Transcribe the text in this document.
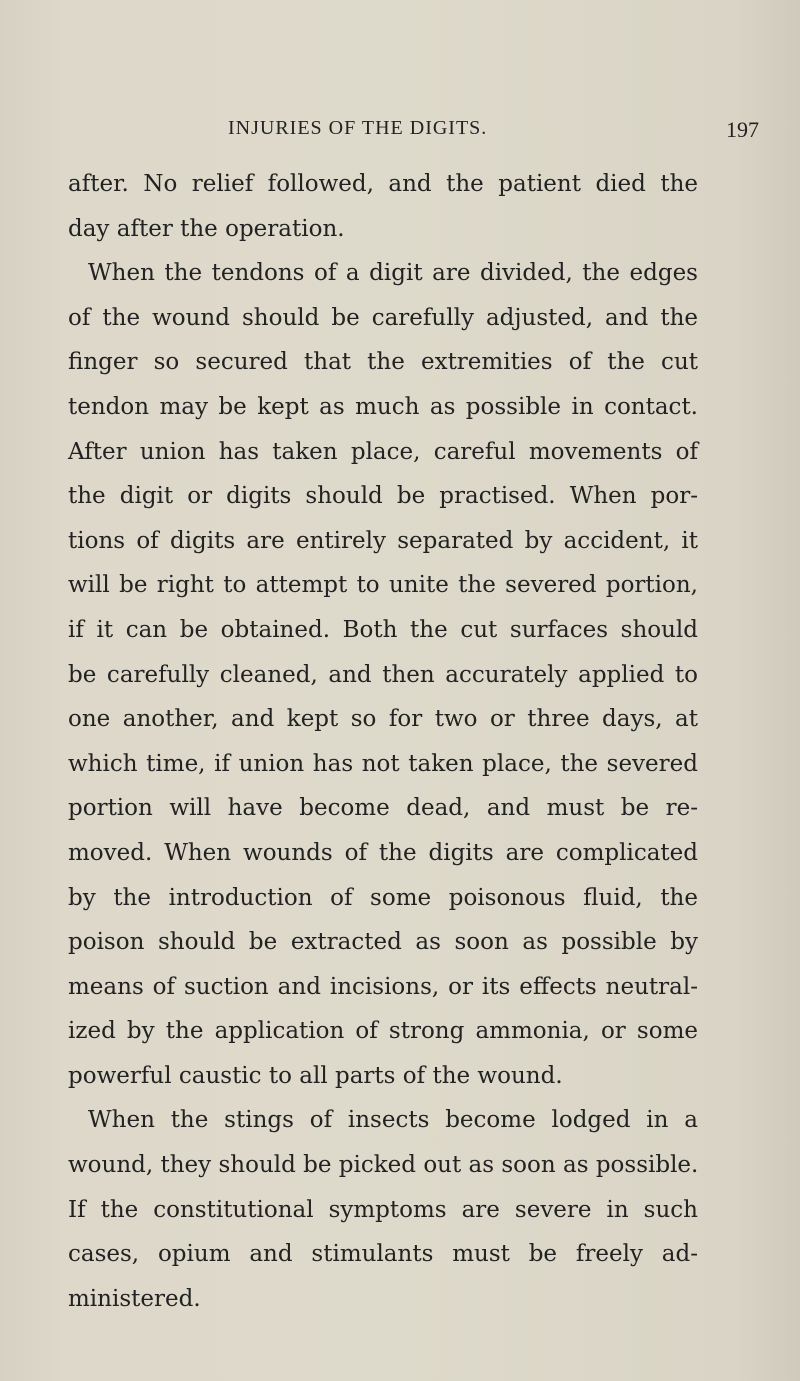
INJURIES OF THE DIGITS.	197
after. No relief followed, and the patient died the
day after the operation.
When the tendons of a digit are divided, the edges
of the wound should be carefully adjusted, and the
finger so secured that the extremities of the cut
tendon may be kept as much as possible in contact.
After union has taken place, careful movements of
the digit or digits should be practised. When por-
tions of digits are entirely separated by accident, it
will be right to attempt to unite the severed portion,
if it can be obtained. Both the cut surfaces should
be carefully cleaned, and then accurately applied to
one another, and kept so for two or three days, at
which time, if union has not taken place, the severed
portion will have become dead, and must be re-
moved. When wounds of the digits are complicated
by the introduction of some poisonous fluid, the
poison should be extracted as soon as possible by
means of suction and incisions, or its effects neutral-
ized by the application of strong ammonia, or some
powerful caustic to all parts of the wound.
When the stings of insects become lodged in a
wound, they should be picked out as soon as possible.
If the constitutional symptoms are severe in such
cases, opium and stimulants must be freely ad-
ministered.
